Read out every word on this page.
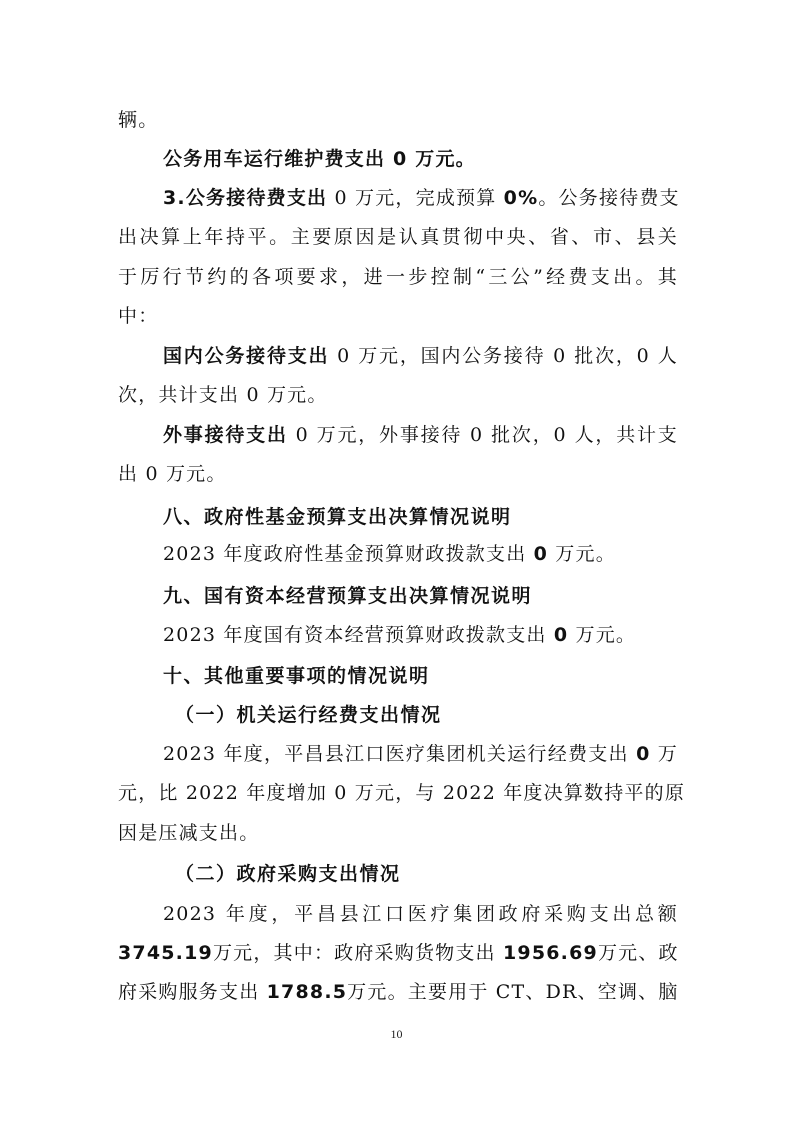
辆。
公务用车运行维护费支出 0 万元。
3.公务接待费支出 0 万元，完成预算 0%。公务接待费支
出决算上年持平。主要原因是认真贯彻中央、省、市、县关
于厉行节约的各项要求，进一步控制“三公”经费支出。其
中：
国内公务接待支出 0 万元，国内公务接待 0 批次，0 人
次，共计支出 0 万元。
外事接待支出 0 万元，外事接待 0 批次，0 人，共计支
出 0 万元。
八、政府性基金预算支出决算情况说明
2023 年度政府性基金预算财政拨款支出 0 万元。
九、国有资本经营预算支出决算情况说明
2023 年度国有资本经营预算财政拨款支出 0 万元。
十、其他重要事项的情况说明
（一）机关运行经费支出情况
2023 年度，平昌县江口医疗集团机关运行经费支出 0 万
元，比 2022 年度增加 0 万元，与 2022 年度决算数持平的原
因是压减支出。
（二）政府采购支出情况
2023 年度，平昌县江口医疗集团政府采购支出总额
3745.19万元，其中：政府采购货物支出 1956.69万元、政
府采购服务支出 1788.5万元。主要用于 CT、DR、空调、脑
10
